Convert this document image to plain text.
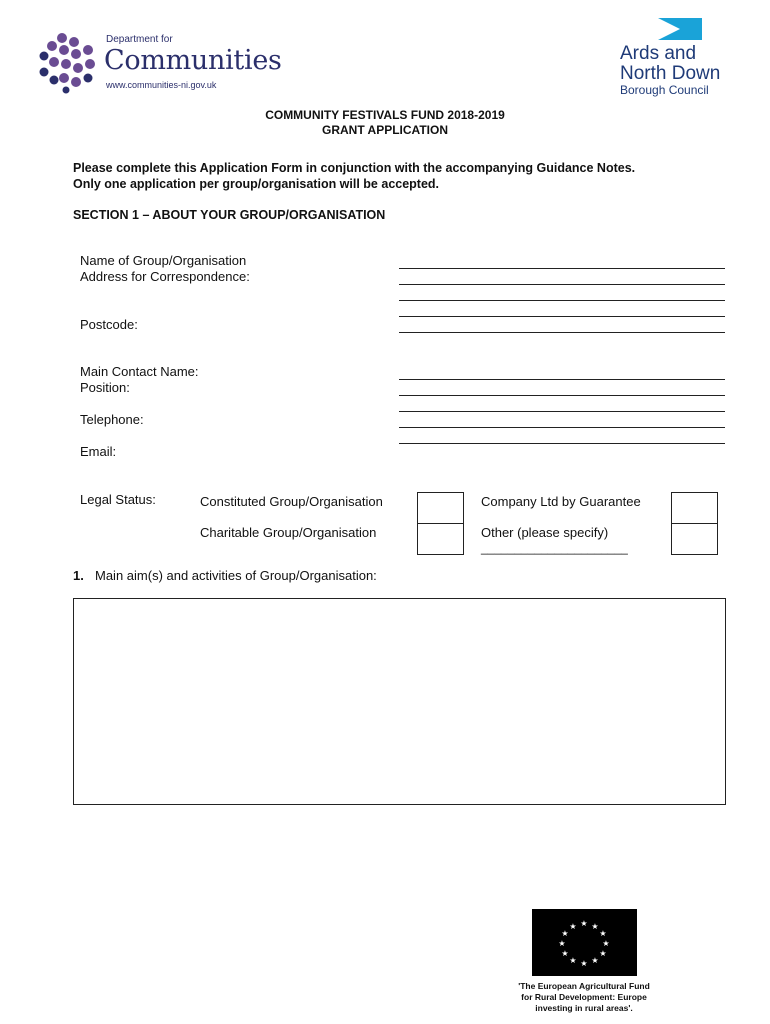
Department for
Communities
www.communities-ni.gov.uk
Ards and
North Down
Borough Council
COMMUNITY FESTIVALS FUND 2018-2019
GRANT APPLICATION
Please complete this Application Form in conjunction with the accompanying Guidance Notes.
Only one application per group/organisation will be accepted.
SECTION 1 – ABOUT YOUR GROUP/ORGANISATION
Name of Group/Organisation
Address for Correspondence:
Postcode:
Main Contact Name:
Position:
Telephone:
Email:
Legal Status:	Constituted Group/Organisation
Charitable Group/Organisation
Company Ltd by Guarantee
Other (please specify)
______________________
1. Main aim(s) and activities of Group/Organisation:
★ ★
★
★
★
★
★
★
★
★
★
★
'The European Agricultural Fund
for Rural Development: Europe
investing in rural areas'.
